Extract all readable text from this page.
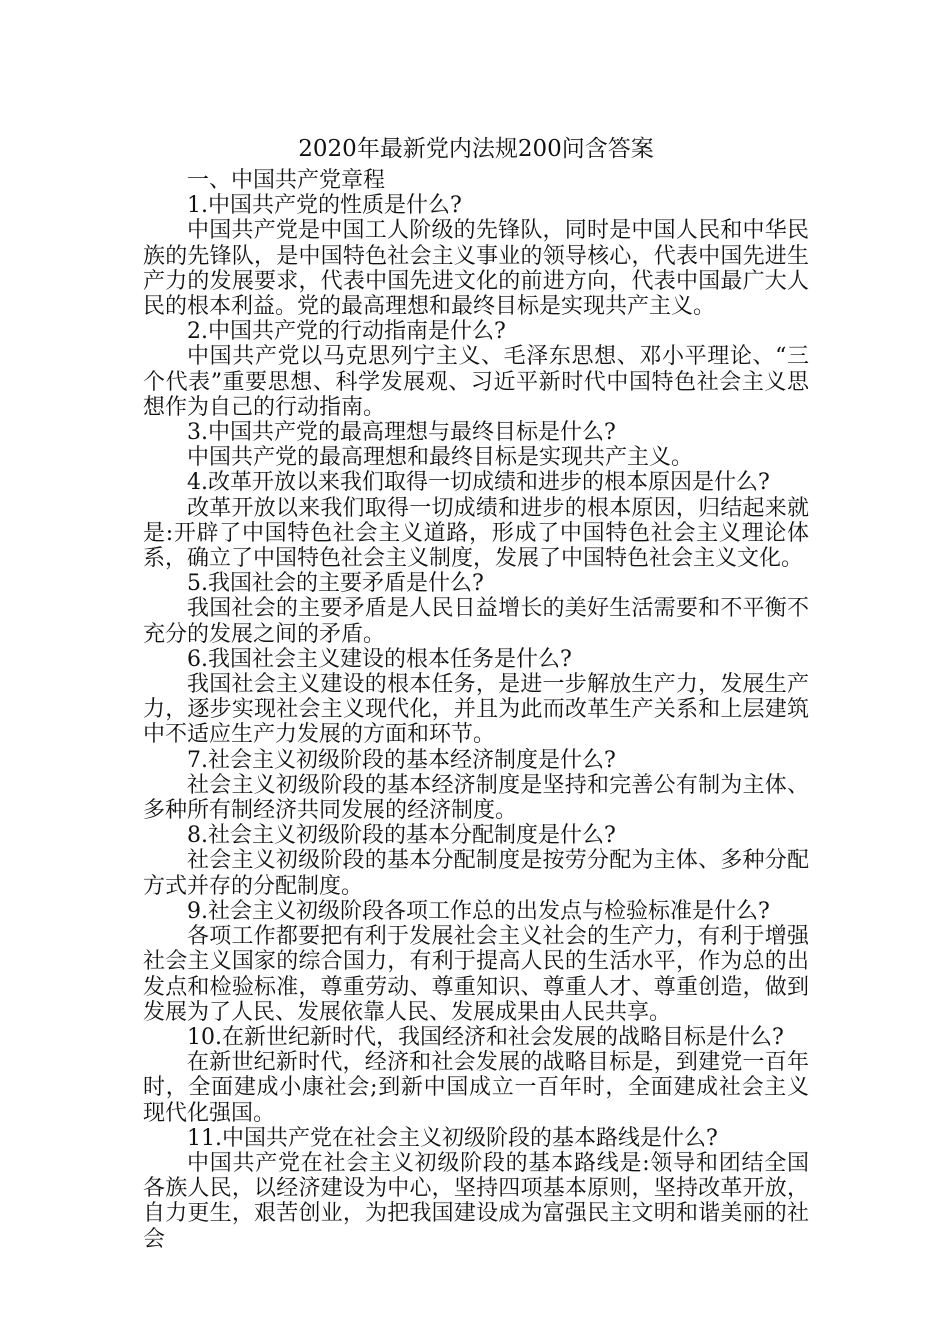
2020年最新党内法规200问含答案

一、中国共产党章程

1.中国共产党的性质是什么?

中国共产党是中国工人阶级的先锋队，同时是中国人民和中华民族的先锋队，是中国特色社会主义事业的领导核心，代表中国先进生产力的发展要求，代表中国先进文化的前进方向，代表中国最广大人民的根本利益。党的最高理想和最终目标是实现共产主义。

2.中国共产党的行动指南是什么?

中国共产党以马克思列宁主义、毛泽东思想、邓小平理论、“三个代表”重要思想、科学发展观、习近平新时代中国特色社会主义思想作为自己的行动指南。

3.中国共产党的最高理想与最终目标是什么?

中国共产党的最高理想和最终目标是实现共产主义。

4.改革开放以来我们取得一切成绩和进步的根本原因是什么?

改革开放以来我们取得一切成绩和进步的根本原因，归结起来就是:开辟了中国特色社会主义道路，形成了中国特色社会主义理论体系，确立了中国特色社会主义制度，发展了中国特色社会主义文化。

5.我国社会的主要矛盾是什么?

我国社会的主要矛盾是人民日益增长的美好生活需要和不平衡不充分的发展之间的矛盾。

6.我国社会主义建设的根本任务是什么?

我国社会主义建设的根本任务，是进一步解放生产力，发展生产力，逐步实现社会主义现代化，并且为此而改革生产关系和上层建筑中不适应生产力发展的方面和环节。

7.社会主义初级阶段的基本经济制度是什么?

社会主义初级阶段的基本经济制度是坚持和完善公有制为主体、多种所有制经济共同发展的经济制度。

8.社会主义初级阶段的基本分配制度是什么?

社会主义初级阶段的基本分配制度是按劳分配为主体、多种分配方式并存的分配制度。

9.社会主义初级阶段各项工作总的出发点与检验标准是什么?

各项工作都要把有利于发展社会主义社会的生产力，有利于增强社会主义国家的综合国力，有利于提高人民的生活水平，作为总的出发点和检验标准，尊重劳动、尊重知识、尊重人才、尊重创造，做到发展为了人民、发展依靠人民、发展成果由人民共享。

10.在新世纪新时代，我国经济和社会发展的战略目标是什么?

在新世纪新时代，经济和社会发展的战略目标是，到建党一百年时，全面建成小康社会;到新中国成立一百年时，全面建成社会主义现代化强国。

11.中国共产党在社会主义初级阶段的基本路线是什么?

中国共产党在社会主义初级阶段的基本路线是:领导和团结全国各族人民，以经济建设为中心，坚持四项基本原则，坚持改革开放，自力更生，艰苦创业，为把我国建设成为富强民主文明和谐美丽的社会
